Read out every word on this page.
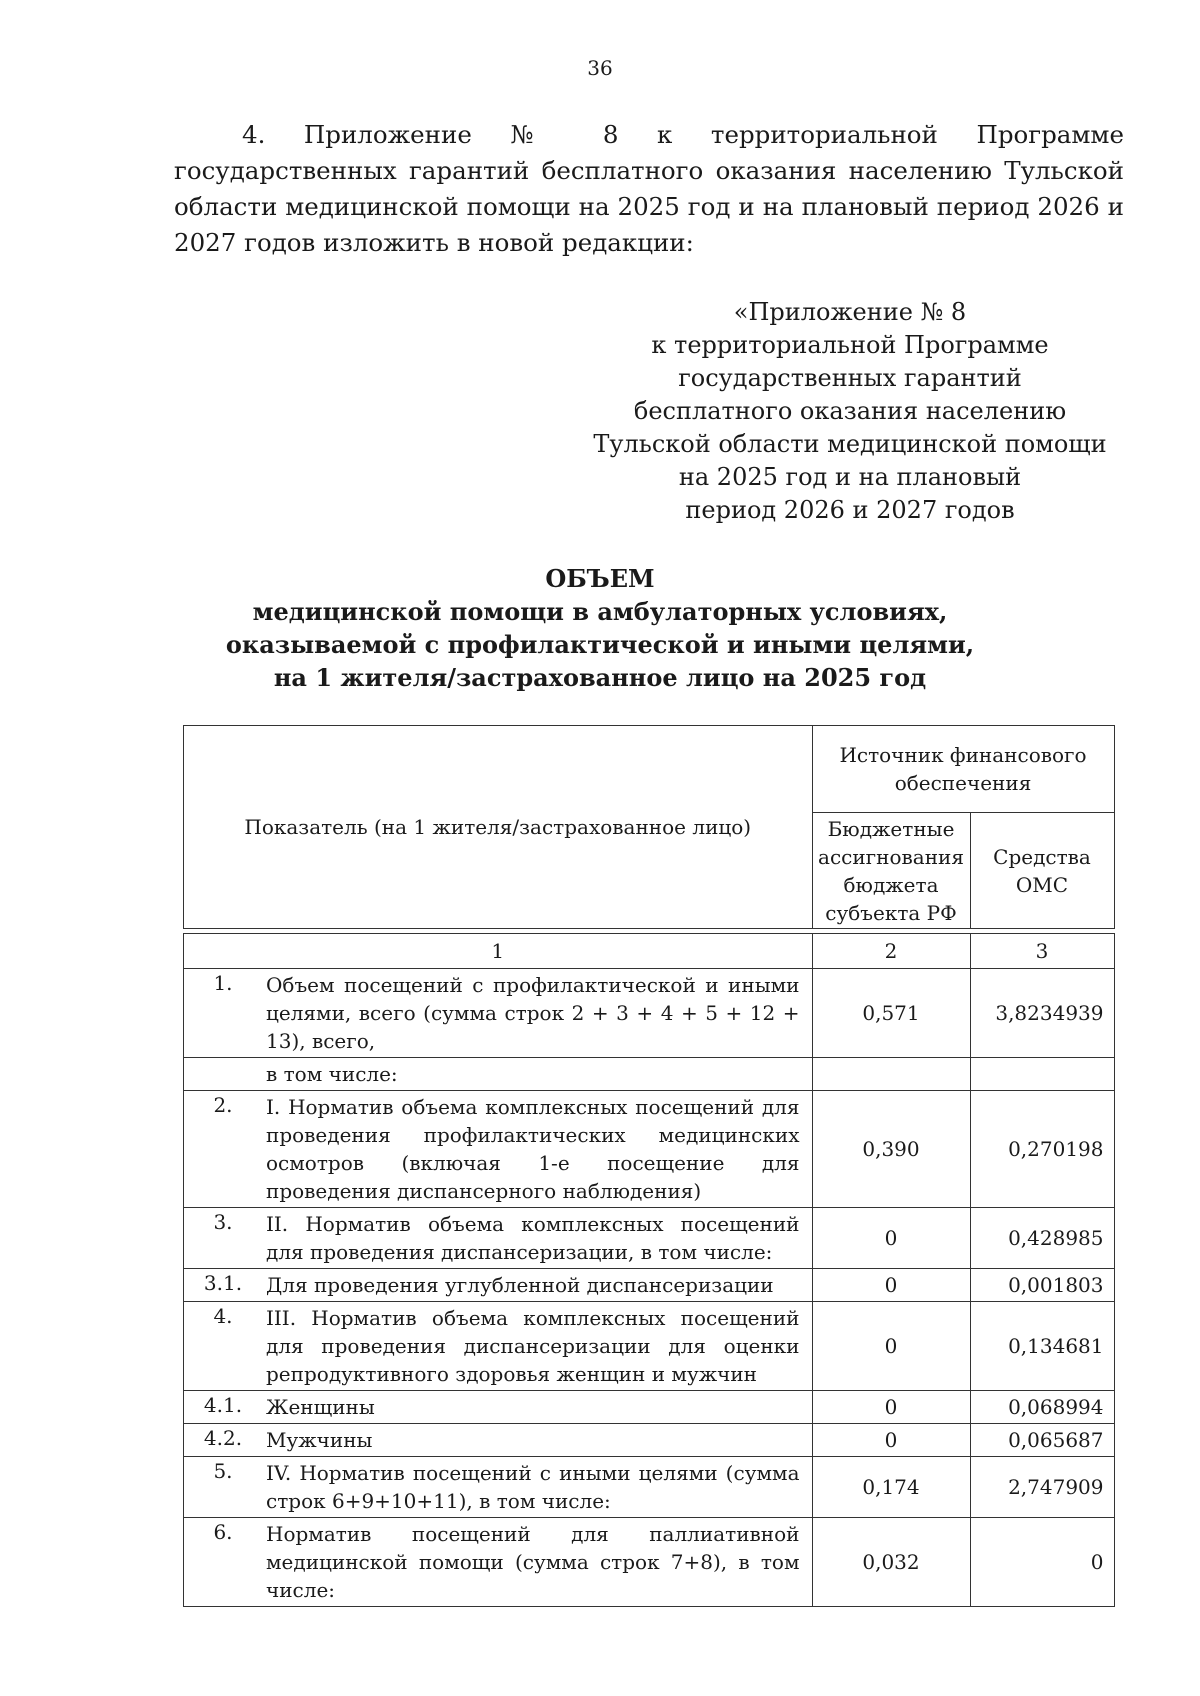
36

4. Приложение № 8 к территориальной Программе государственных гарантий бесплатного оказания населению Тульской области медицинской помощи на 2025 год и на плановый период 2026 и 2027 годов изложить в новой редакции:

«Приложение № 8
к территориальной Программе
государственных гарантий
бесплатного оказания населению
Тульской области медицинской помощи
на 2025 год и на плановый
период 2026 и 2027 годов
ОБЪЕМ
медицинской помощи в амбулаторных условиях,
оказываемой с профилактической и иными целями,
на 1 жителя/застрахованное лицо на 2025 год
Показатель (на 1 жителя/застрахованное лицо)		Источник финансового обеспечения	
		Бюджетные ассигнования бюджета субъекта РФ	Средства ОМС

1		2	3
1.	Объем посещений с профилактической и иными целями, всего (сумма строк 2 + 3 + 4 + 5 + 12 + 13), всего,	0,571	3,8234939
	в том числе:		
2.	I. Норматив объема комплексных посещений для проведения профилактических медицинских осмотров (включая 1-е посещение для проведения диспансерного наблюдения)	0,390	0,270198
3.	II. Норматив объема комплексных посещений для проведения диспансеризации, в том числе:	0	0,428985
3.1.	Для проведения углубленной диспансеризации	0	0,001803
4.	III. Норматив объема комплексных посещений для проведения диспансеризации для оценки репродуктивного здоровья женщин и мужчин	0	0,134681
4.1.	Женщины	0	0,068994
4.2.	Мужчины	0	0,065687
5.	IV. Норматив посещений с иными целями (сумма строк 6+9+10+11), в том числе:	0,174	2,747909
6.	Норматив посещений для паллиативной медицинской помощи (сумма строк 7+8), в том числе:	0,032	0
